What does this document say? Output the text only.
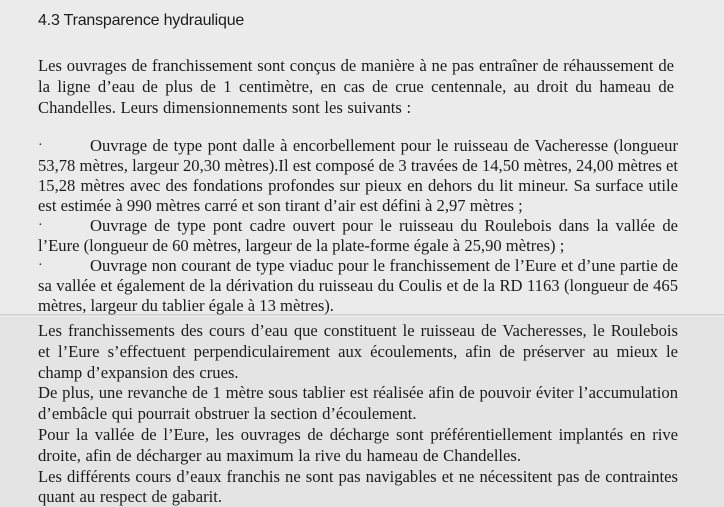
4.3 Transparence hydraulique
Les ouvrages de franchissement sont conçus de manière à ne pas entraîner de réhaussement de la ligne d’eau de plus de 1 centimètre, en cas de crue centennale, au droit du hameau de Chandelles. Leurs dimensionnements sont les suivants :
·	Ouvrage de type pont dalle à encorbellement pour le ruisseau de Vacheresse (longueur 53,78 mètres, largeur 20,30 mètres).Il est composé de 3 travées de 14,50 mètres, 24,00 mètres et 15,28 mètres avec des fondations profondes sur pieux en dehors du lit mineur. Sa surface utile est estimée à 990 mètres carré et son tirant d’air est défini à 2,97 mètres ;
·	Ouvrage de type pont cadre ouvert pour le ruisseau du Roulebois dans la vallée de l’Eure (longueur de 60 mètres, largeur de la plate-forme égale à 25,90 mètres) ;
·	Ouvrage non courant de type viaduc pour le franchissement de l’Eure et d’une partie de sa vallée et également de la dérivation du ruisseau du Coulis et de la RD 1163 (longueur de 465 mètres, largeur du tablier égale à 13 mètres).
Les franchissements des cours d’eau que constituent le ruisseau de Vacheresses, le Roulebois et l’Eure s’effectuent perpendiculairement aux écoulements, afin de préserver au mieux le champ d’expansion des crues.
De plus, une revanche de 1 mètre sous tablier est réalisée afin de pouvoir éviter l’accumulation d’embâcle qui pourrait obstruer la section d’écoulement.
Pour la vallée de l’Eure, les ouvrages de décharge sont préférentiellement implantés en rive droite, afin de décharger au maximum la rive du hameau de Chandelles.
Les différents cours d’eaux franchis ne sont pas navigables et ne nécessitent pas de contraintes quant au respect de gabarit.
